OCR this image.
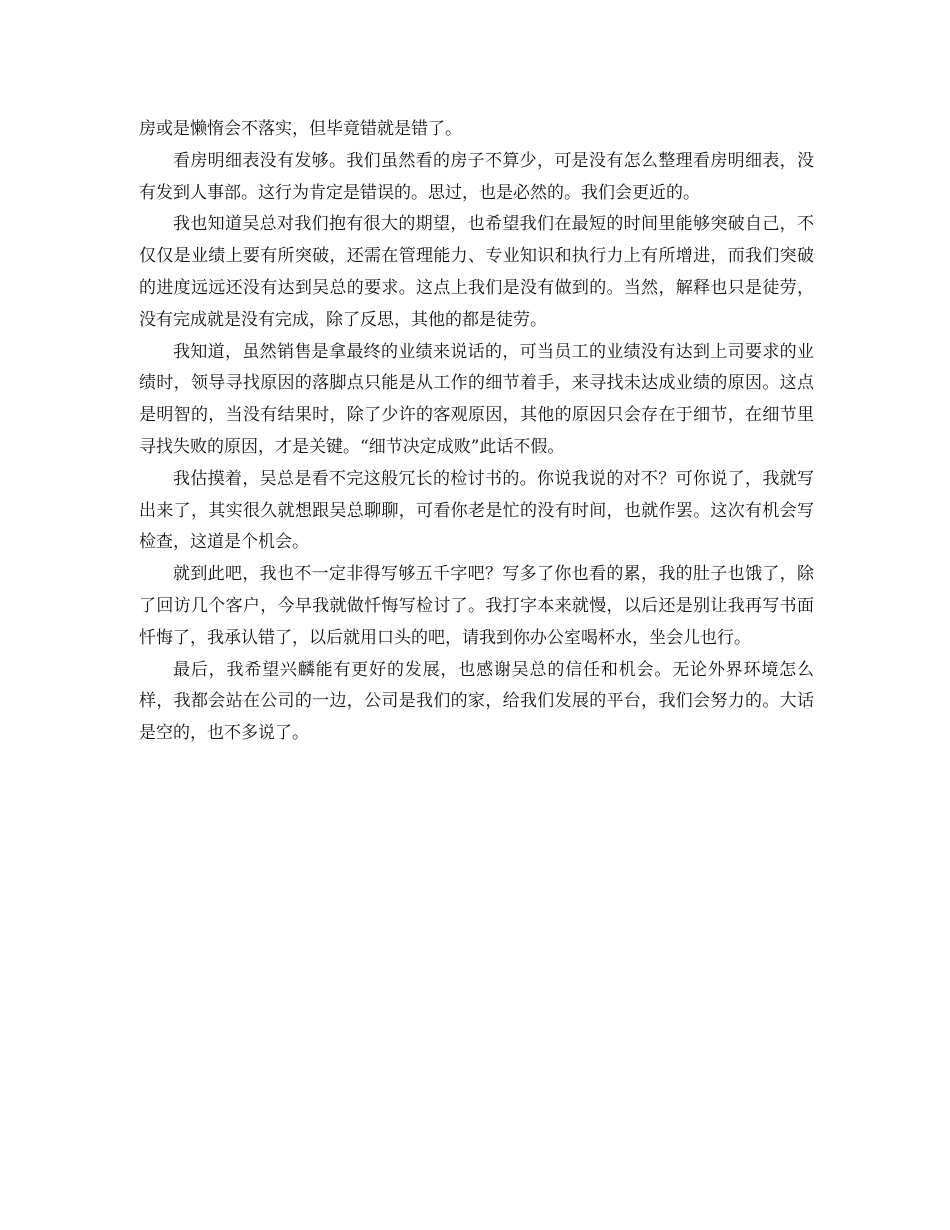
房或是懒惰会不落实，但毕竟错就是错了。

看房明细表没有发够。我们虽然看的房子不算少，可是没有怎么整理看房明细表，没有发到人事部。这行为肯定是错误的。思过，也是必然的。我们会更近的。

我也知道吴总对我们抱有很大的期望，也希望我们在最短的时间里能够突破自己，不仅仅是业绩上要有所突破，还需在管理能力、专业知识和执行力上有所增进，而我们突破的进度远远还没有达到吴总的要求。这点上我们是没有做到的。当然，解释也只是徒劳，没有完成就是没有完成，除了反思，其他的都是徒劳。

我知道，虽然销售是拿最终的业绩来说话的，可当员工的业绩没有达到上司要求的业绩时，领导寻找原因的落脚点只能是从工作的细节着手，来寻找未达成业绩的原因。这点是明智的，当没有结果时，除了少许的客观原因，其他的原因只会存在于细节，在细节里寻找失败的原因，才是关键。“细节决定成败”此话不假。

我估摸着，吴总是看不完这般冗长的检讨书的。你说我说的对不？可你说了，我就写出来了，其实很久就想跟吴总聊聊，可看你老是忙的没有时间，也就作罢。这次有机会写检查，这道是个机会。

就到此吧，我也不一定非得写够五千字吧？写多了你也看的累，我的肚子也饿了，除了回访几个客户，今早我就做忏悔写检讨了。我打字本来就慢，以后还是别让我再写书面忏悔了，我承认错了，以后就用口头的吧，请我到你办公室喝杯水，坐会儿也行。

最后，我希望兴麟能有更好的发展，也感谢吴总的信任和机会。无论外界环境怎么样，我都会站在公司的一边，公司是我们的家，给我们发展的平台，我们会努力的。大话是空的，也不多说了。
